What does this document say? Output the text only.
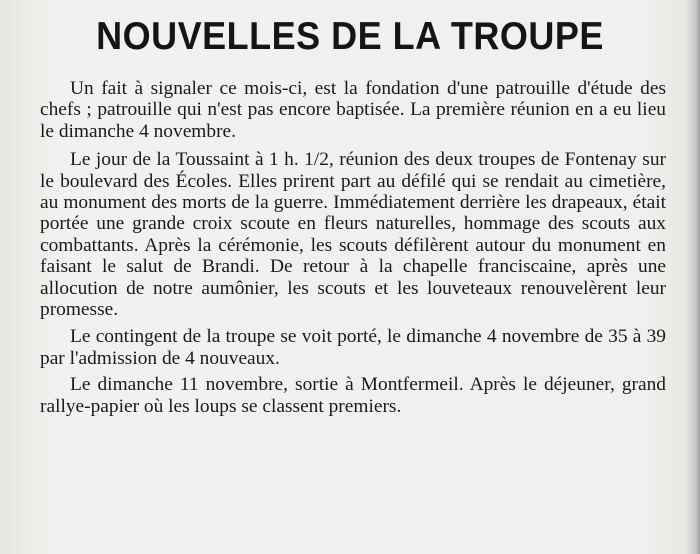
NOUVELLES DE LA TROUPE

Un fait à signaler ce mois-ci, est la fondation d'une patrouille d'étude des chefs ; patrouille qui n'est pas encore baptisée. La première réunion en a eu lieu le dimanche 4 novembre.

Le jour de la Toussaint à 1 h. 1/2, réunion des deux troupes de Fontenay sur le boulevard des Écoles. Elles prirent part au défilé qui se rendait au cimetière, au monument des morts de la guerre. Immédiatement derrière les drapeaux, était portée une grande croix scoute en fleurs naturelles, hommage des scouts aux combattants. Après la cérémonie, les scouts défilèrent autour du monument en faisant le salut de Brandi. De retour à la chapelle franciscaine, après une allocution de notre aumônier, les scouts et les louveteaux renouvelèrent leur promesse.

Le contingent de la troupe se voit porté, le dimanche 4 novembre de 35 à 39 par l'admission de 4 nouveaux.

Le dimanche 11 novembre, sortie à Montfermeil. Après le déjeuner, grand rallye-papier où les loups se classent premiers.
